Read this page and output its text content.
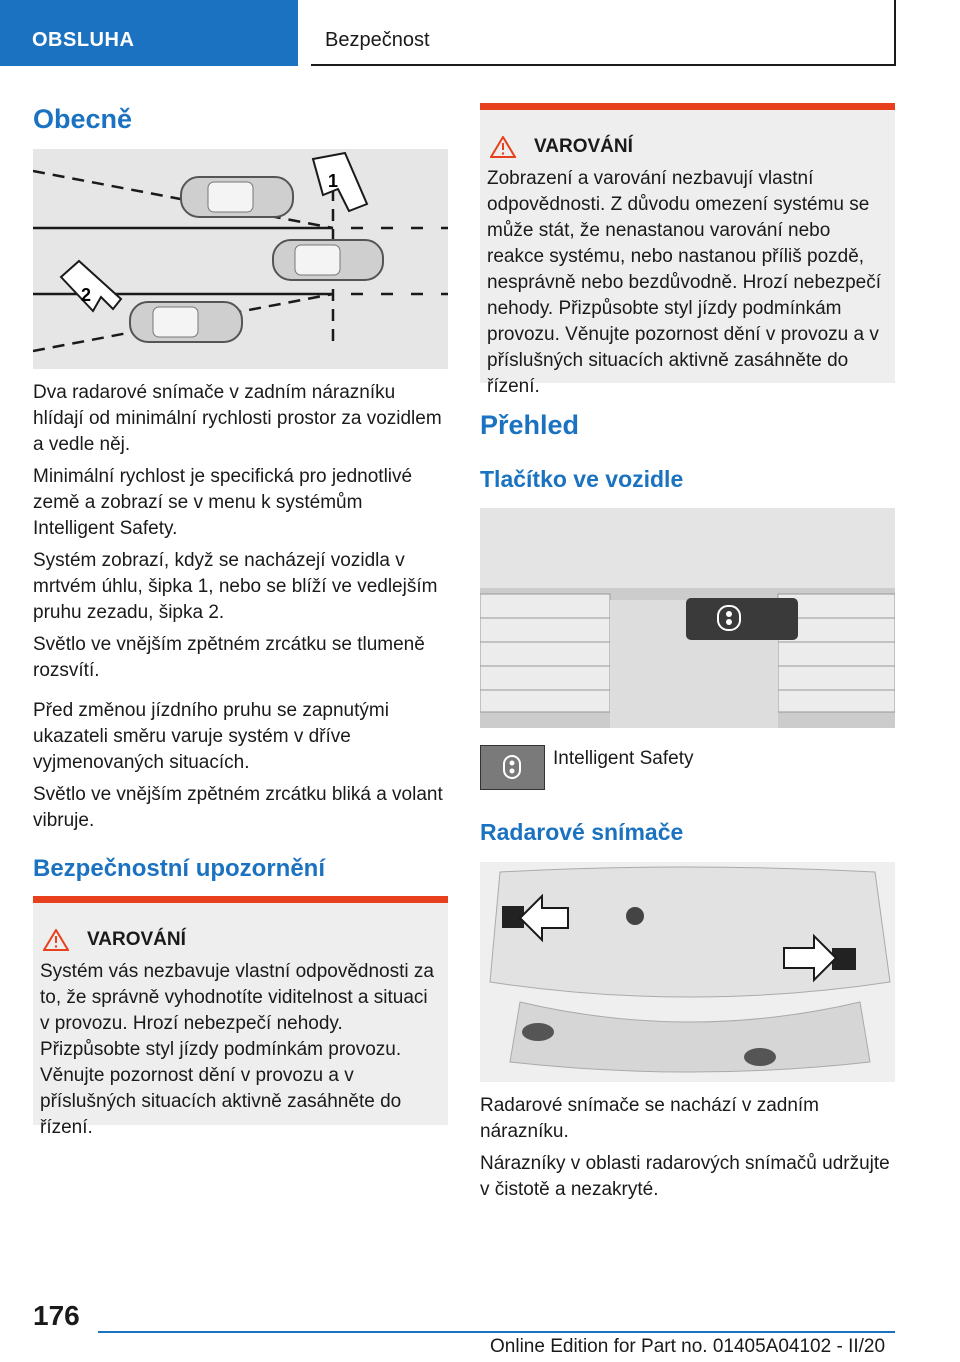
OBSLUHA	Bezpečnost
Obecně
1
2

Dva radarové snímače v zadním nárazníku hlídají od minimální rychlosti prostor za vozidlem a vedle něj.

Minimální rychlost je specifická pro jednotlivé země a zobrazí se v menu k systémům Intelligent Safety.

Systém zobrazí, když se nacházejí vozidla v mrtvém úhlu, šipka 1, nebo se blíží ve vedlejším pruhu zezadu, šipka 2.

Světlo ve vnějším zpětném zrcátku se tlumeně rozsvítí.

Před změnou jízdního pruhu se zapnutými ukazateli směru varuje systém v dříve vyjmenovaných situacích.

Světlo ve vnějším zpětném zrcátku bliká a volant vibruje.

Bezpečnostní upozornění
VAROVÁNÍ
Systém vás nezbavuje vlastní odpovědnosti za to, že správně vyhodnotíte viditelnost a situaci v provozu. Hrozí nebezpečí nehody. Přizpůsobte styl jízdy podmínkám provozu. Věnujte pozornost dění v provozu a v příslušných situacích aktivně zasáhněte do řízení.
VAROVÁNÍ
Zobrazení a varování nezbavují vlastní odpovědnosti. Z důvodu omezení systému se může stát, že nenastanou varování nebo reakce systému, nebo nastanou příliš pozdě, nesprávně nebo bezdůvodně. Hrozí nebezpečí nehody. Přizpůsobte styl jízdy podmínkám provozu. Věnujte pozornost dění v provozu a v příslušných situacích aktivně zasáhněte do řízení.
Přehled
Tlačítko ve vozidle
Intelligent Safety
Radarové snímače

Radarové snímače se nachází v zadním nárazníku.

Nárazníky v oblasti radarových snímačů udržujte v čistotě a nezakryté.

176
Online Edition for Part no. 01405A04102 - II/20
